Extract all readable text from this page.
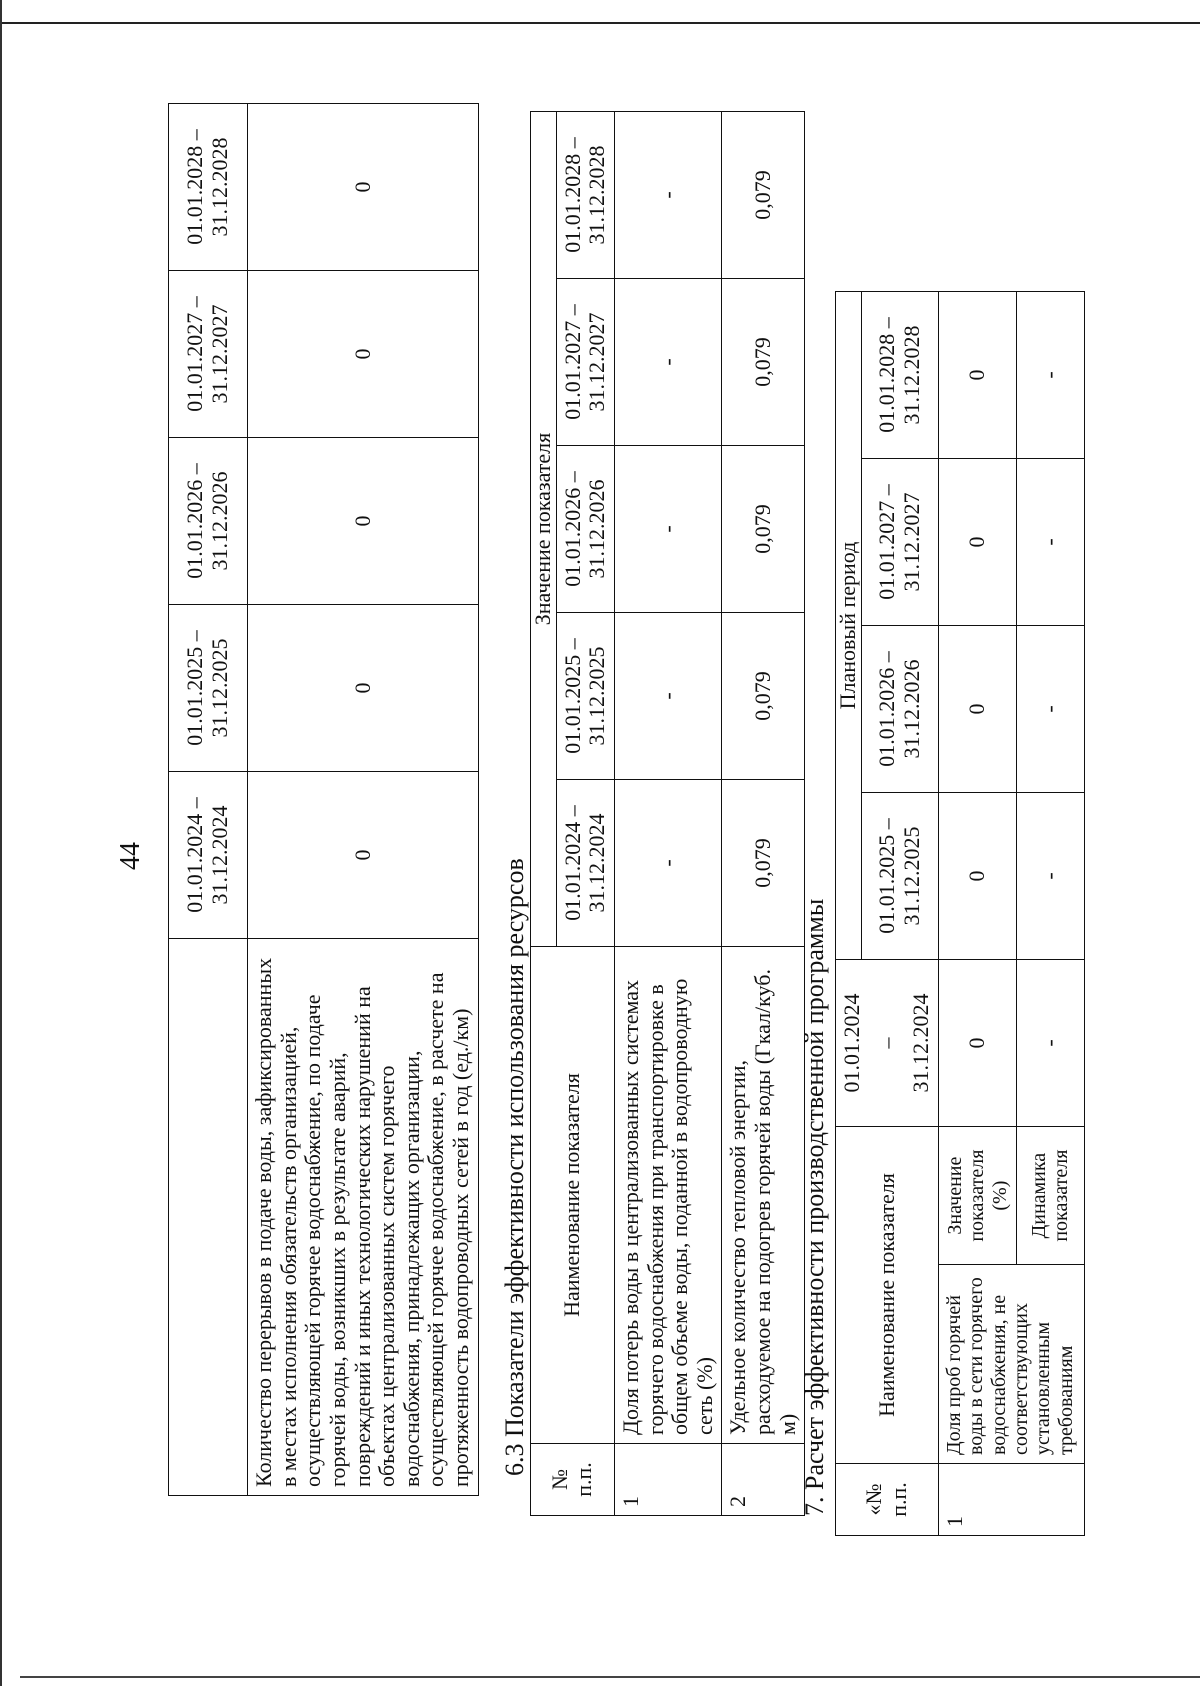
44
	01.01.2024 – 31.12.2024	01.01.2025 – 31.12.2025	01.01.2026 – 31.12.2026	01.01.2027 – 31.12.2027	01.01.2028 – 31.12.2028
Количество перерывов в подаче воды, зафиксированных в местах исполнения обязательств организацией, осуществляющей горячее водоснабжение, по подаче горячей воды, возникших в результате аварий, повреждений и иных технологических нарушений на объектах централизованных систем горячего водоснабжения, принадлежащих организации, осуществляющей горячее водоснабжение, в расчете на протяженность водопроводных сетей в год (ед./км)	0	0	0	0	0
6.3 Показатели эффективности использования ресурсов
№ п.п.	Наименование показателя	Значение показателя				
		01.01.2024 – 31.12.2024	01.01.2025 – 31.12.2025	01.01.2026 – 31.12.2026	01.01.2027 – 31.12.2027	01.01.2028 – 31.12.2028
1	Доля потерь воды в централизованных системах горячего водоснабжения при транспортировке в общем объеме воды, поданной в водопроводную сеть (%)	-	-	-	-	-
2	Удельное количество тепловой энергии, расходуемое на подогрев горячей воды (Гкал/куб. м)	0,079	0,079	0,079	0,079	0,079
7. Расчет эффективности производственной программы «№ п.п.	Наименование показателя		01.01.2024 – 31.12.2024	Плановый период			
				01.01.2025 – 31.12.2025	01.01.2026 – 31.12.2026	01.01.2027 – 31.12.2027	01.01.2028 – 31.12.2028
1	Доля проб горячей воды в сети горячего водоснабжения, не соответствующих установленным требованиям	Значение показателя (%)	0	0	0	0	0
		Динамика показателя	-	-	-	-	-
